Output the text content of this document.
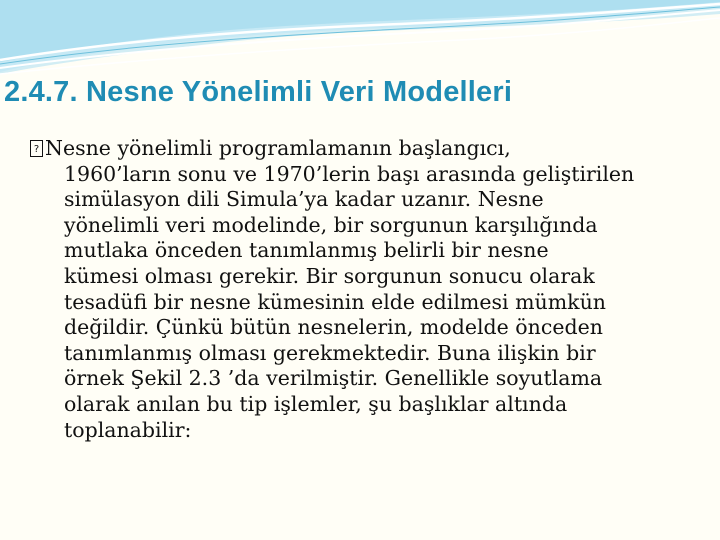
2.4.7. Nesne Yönelimli Veri Modelleri
? Nesne yönelimli programlamanın başlangıcı,
1960’ların sonu ve 1970’lerin başı arasında geliştirilen
simülasyon dili Simula’ya kadar uzanır. Nesne
yönelimli veri modelinde, bir sorgunun karşılığında
mutlaka önceden tanımlanmış belirli bir nesne
kümesi olması gerekir. Bir sorgunun sonucu olarak
tesadüfi bir nesne kümesinin elde edilmesi mümkün
değildir. Çünkü bütün nesnelerin, modelde önceden
tanımlanmış olması gerekmektedir. Buna ilişkin bir
örnek Şekil 2.3 ’da verilmiştir. Genellikle soyutlama
olarak anılan bu tip işlemler, şu başlıklar altında
toplanabilir:
